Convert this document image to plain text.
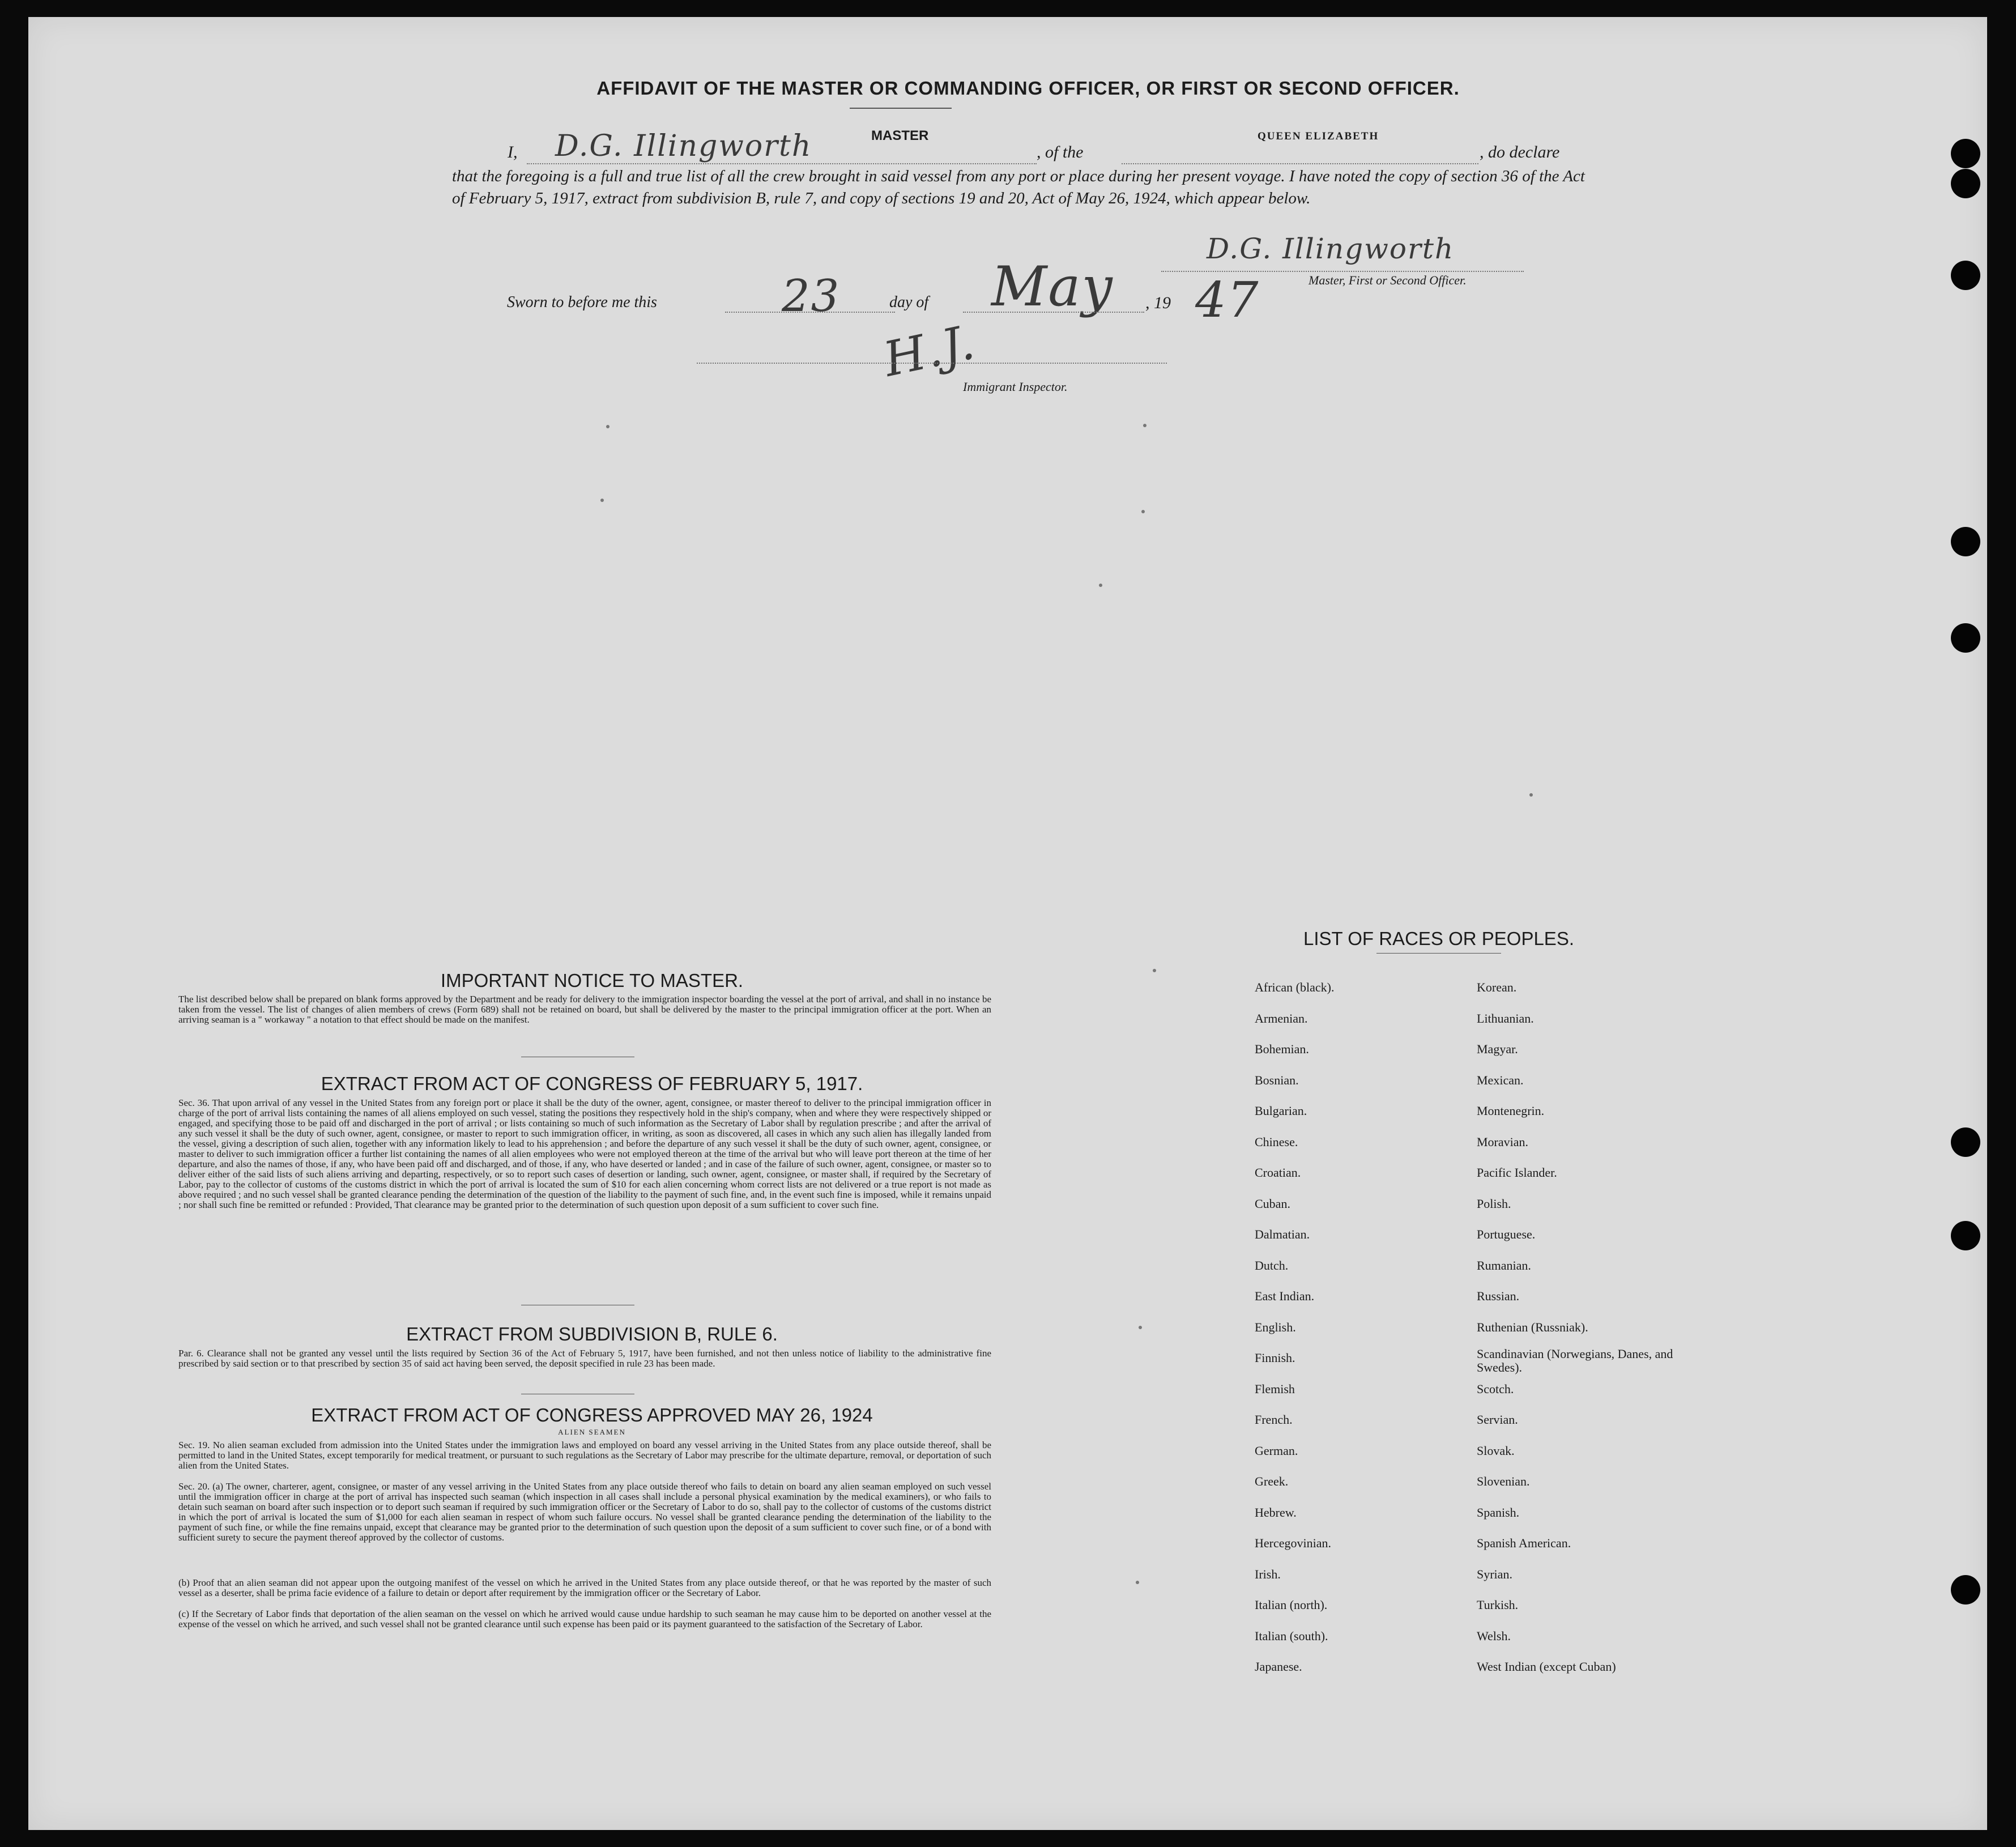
AFFIDAVIT OF THE MASTER OR COMMANDING OFFICER, OR FIRST OR SECOND OFFICER.
I, D.G. Illingworth	MASTER
, of the
QUEEN ELIZABETH
, do declare
that the foregoing is a full and true list of all the crew brought in said vessel from any port or place during her present voyage. I have noted the copy of section 36 of the Act of February 5, 1917, extract from subdivision B, rule 7, and copy of sections 19 and 20, Act of May 26, 1924, which appear below.
D.G. Illingworth
Master, First or Second Officer.
Sworn to before me this	23	day of May , 19 47
H.J.
Immigrant Inspector.
IMPORTANT NOTICE TO MASTER.
The list described below shall be prepared on blank forms approved by the Department and be ready for delivery to the immigration inspector boarding the vessel at the port of arrival, and shall in no instance be taken from the vessel. The list of changes of alien members of crews (Form 689) shall not be retained on board, but shall be delivered by the master to the principal immigration officer at the port. When an arriving seaman is a " workaway " a notation to that effect should be made on the manifest.
EXTRACT FROM ACT OF CONGRESS OF FEBRUARY 5, 1917.
Sec. 36. That upon arrival of any vessel in the United States from any foreign port or place it shall be the duty of the owner, agent, consignee, or master thereof to deliver to the principal immigration officer in charge of the port of arrival lists containing the names of all aliens employed on such vessel, stating the positions they respectively hold in the ship's company, when and where they were respectively shipped or engaged, and specifying those to be paid off and discharged in the port of arrival ; or lists containing so much of such information as the Secretary of Labor shall by regulation prescribe ; and after the arrival of any such vessel it shall be the duty of such owner, agent, consignee, or master to report to such immigration officer, in writing, as soon as discovered, all cases in which any such alien has illegally landed from the vessel, giving a description of such alien, together with any information likely to lead to his apprehension ; and before the departure of any such vessel it shall be the duty of such owner, agent, consignee, or master to deliver to such immigration officer a further list containing the names of all alien employees who were not employed thereon at the time of the arrival but who will leave port thereon at the time of her departure, and also the names of those, if any, who have been paid off and discharged, and of those, if any, who have deserted or landed ; and in case of the failure of such owner, agent, consignee, or master so to deliver either of the said lists of such aliens arriving and departing, respectively, or so to report such cases of desertion or landing, such owner, agent, consignee, or master shall, if required by the Secretary of Labor, pay to the collector of customs of the customs district in which the port of arrival is located the sum of $10 for each alien concerning whom correct lists are not delivered or a true report is not made as above required ; and no such vessel shall be granted clearance pending the determination of the question of the liability to the payment of such fine, and, in the event such fine is imposed, while it remains unpaid ; nor shall such fine be remitted or refunded : Provided, That clearance may be granted prior to the determination of such question upon deposit of a sum sufficient to cover such fine.
EXTRACT FROM SUBDIVISION B, RULE 6.
Par. 6. Clearance shall not be granted any vessel until the lists required by Section 36 of the Act of February 5, 1917, have been furnished, and not then unless notice of liability to the administrative fine prescribed by said section or to that prescribed by section 35 of said act having been served, the deposit specified in rule 23 has been made.
EXTRACT FROM ACT OF CONGRESS APPROVED MAY 26, 1924
ALIEN SEAMEN
Sec. 19. No alien seaman excluded from admission into the United States under the immigration laws and employed on board any vessel arriving in the United States from any place outside thereof, shall be permitted to land in the United States, except temporarily for medical treatment, or pursuant to such regulations as the Secretary of Labor may prescribe for the ultimate departure, removal, or deportation of such alien from the United States.
Sec. 20. (a) The owner, charterer, agent, consignee, or master of any vessel arriving in the United States from any place outside thereof who fails to detain on board any alien seaman employed on such vessel until the immigration officer in charge at the port of arrival has inspected such seaman (which inspection in all cases shall include a personal physical examination by the medical examiners), or who fails to detain such seaman on board after such inspection or to deport such seaman if required by such immigration officer or the Secretary of Labor to do so, shall pay to the collector of customs of the customs district in which the port of arrival is located the sum of $1,000 for each alien seaman in respect of whom such failure occurs. No vessel shall be granted clearance pending the determination of the liability to the payment of such fine, or while the fine remains unpaid, except that clearance may be granted prior to the determination of such question upon the deposit of a sum sufficient to cover such fine, or of a bond with sufficient surety to secure the payment thereof approved by the collector of customs.
(b) Proof that an alien seaman did not appear upon the outgoing manifest of the vessel on which he arrived in the United States from any place outside thereof, or that he was reported by the master of such vessel as a deserter, shall be prima facie evidence of a failure to detain or deport after requirement by the immigration officer or the Secretary of Labor.
(c) If the Secretary of Labor finds that deportation of the alien seaman on the vessel on which he arrived would cause undue hardship to such seaman he may cause him to be deported on another vessel at the expense of the vessel on which he arrived, and such vessel shall not be granted clearance until such expense has been paid or its payment guaranteed to the satisfaction of the Secretary of Labor.
LIST OF RACES OR PEOPLES.
African (black).
Armenian.
Bohemian.
Bosnian.
Bulgarian.
Chinese.
Croatian.
Cuban.
Dalmatian.
Dutch.
East Indian.
English.
Finnish.
Flemish
French.
German.
Greek.
Hebrew.
Hercegovinian.
Irish.
Italian (north).
Italian (south).
Japanese.
Korean.
Lithuanian.
Magyar.
Mexican.
Montenegrin.
Moravian.
Pacific Islander.
Polish.
Portuguese.
Rumanian.
Russian.
Ruthenian (Russniak).
Scandinavian (Norwegians, Danes, and Swedes).
Scotch.
Servian.
Slovak.
Slovenian.
Spanish.
Spanish American.
Syrian.
Turkish.
Welsh.
West Indian (except Cuban)
